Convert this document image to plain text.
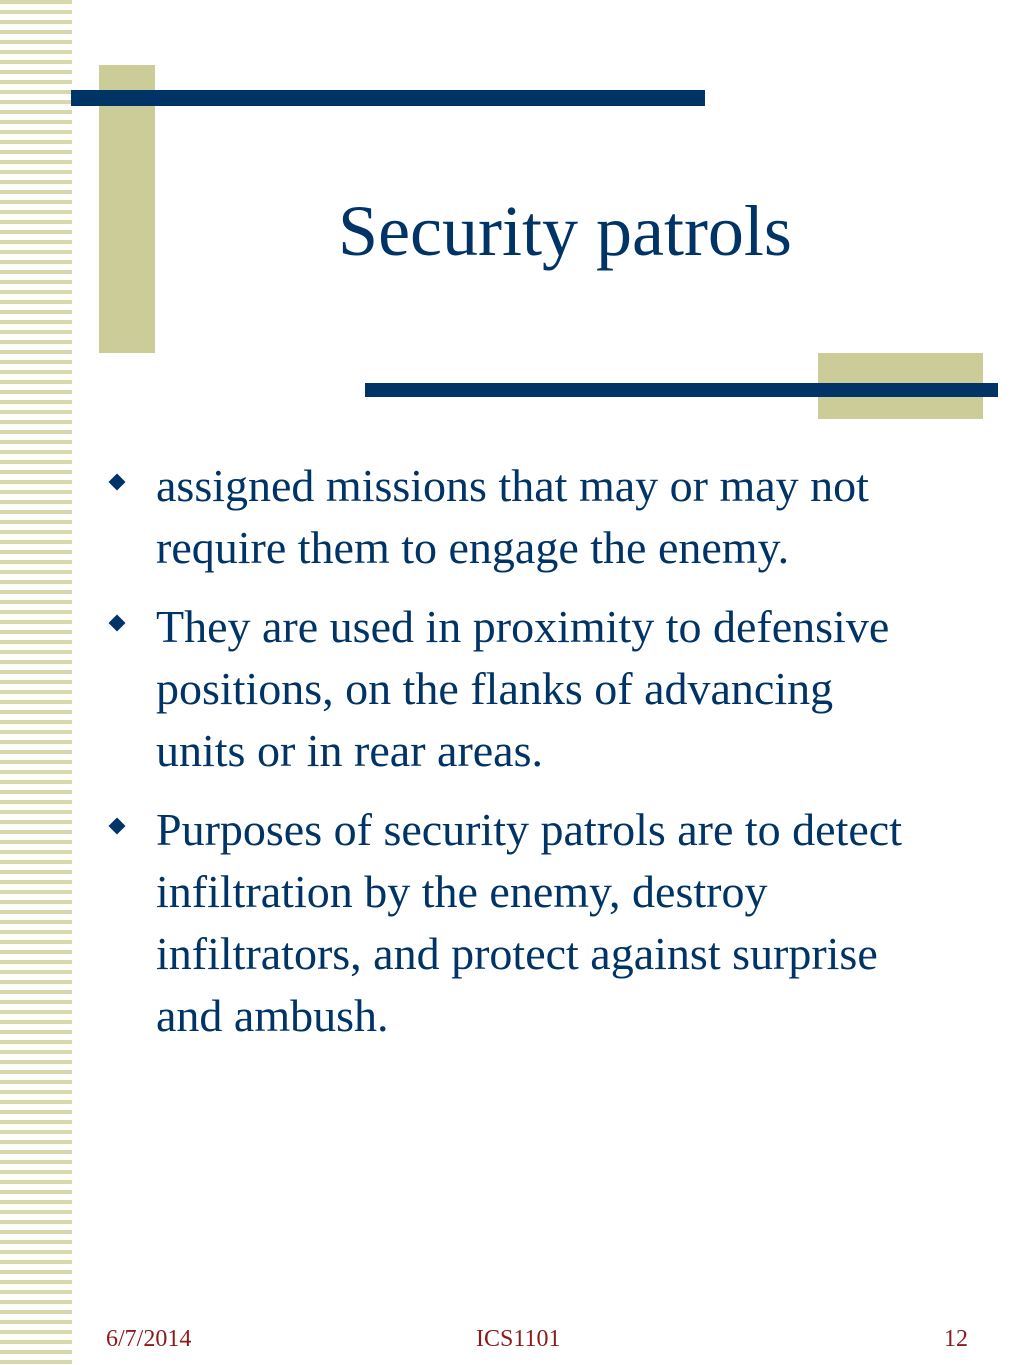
Security patrols
assigned missions that may or may not require them to engage the enemy.
They are used in proximity to defensive positions, on the flanks of advancing units or in rear areas.
Purposes of security patrols are to detect infiltration by the enemy, destroy infiltrators, and protect against surprise and ambush.
6/7/2014	ICS1101	12
